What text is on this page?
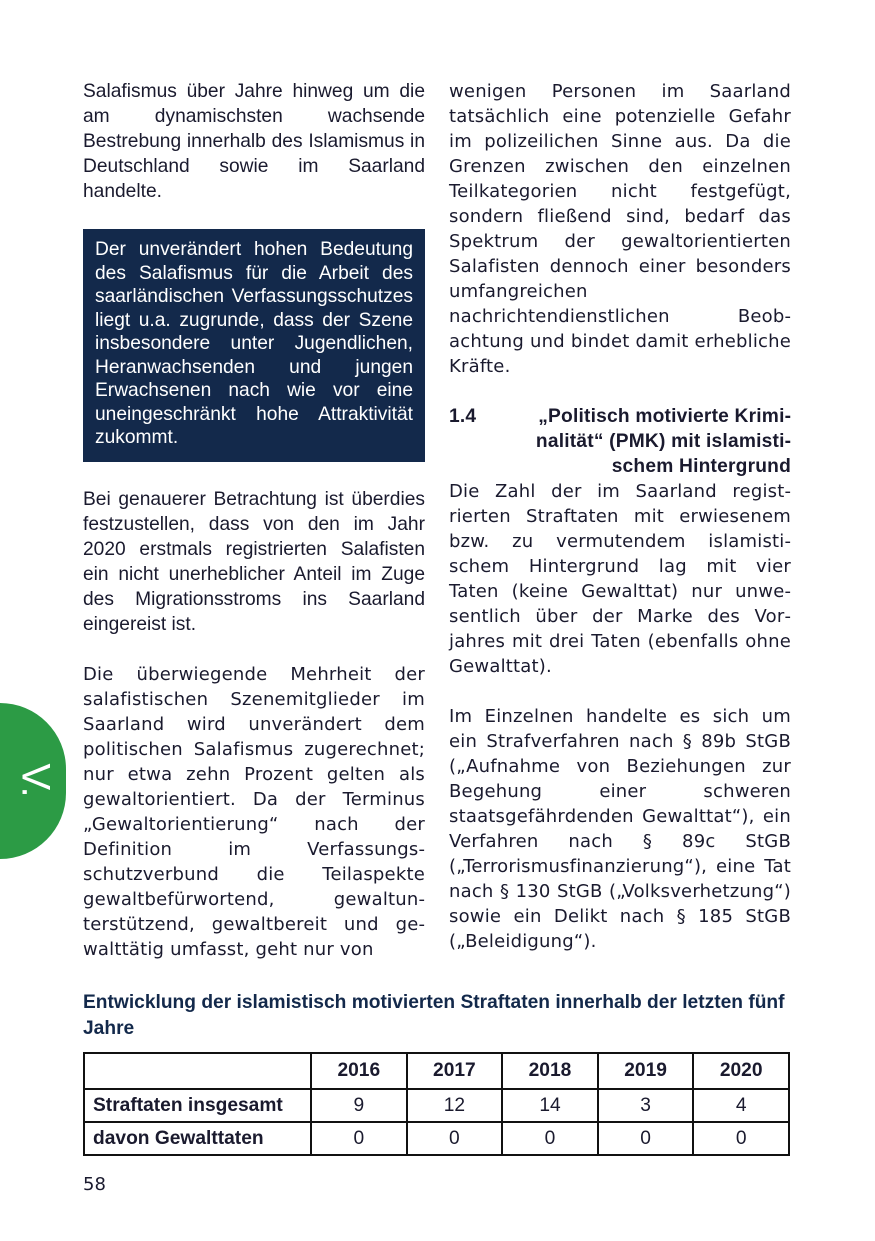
Salafismus über Jahre hinweg um die am dynamischsten wachsende Bestrebung innerhalb des Islamismus in Deutschland sowie im Saarland handelte.

Der unverändert hohen Bedeutung des Salafismus für die Arbeit des saarländischen Verfassungsschutzes liegt u.a. zugrunde, dass der Szene insbesondere unter Jugendlichen, Heranwachsenden und jungen Erwachsenen nach wie vor eine uneingeschränkt hohe Attraktivität zukommt.

Bei genauerer Betrachtung ist überdies festzustellen, dass von den im Jahr 2020 erstmals registrierten Salafisten ein nicht unerheblicher Anteil im Zuge des Migrationsstroms ins Saarland eingereist ist.

Die überwiegende Mehrheit der salafistischen Szenemitglieder im Saarland wird unverändert dem politischen Salafismus zugerechnet; nur etwa zehn Prozent gelten als gewaltorientiert. Da der Terminus „Gewaltorientierung“ nach der Definition im Verfassungsschutzverbund die Teilaspekte gewaltbefürwortend, gewaltunterstützend, gewaltbereit und gewalttätig umfasst, geht nur von

wenigen Personen im Saarland tatsächlich eine potenzielle Gefahr im polizeilichen Sinne aus. Da die Grenzen zwischen den einzelnen Teilkategorien nicht festgefügt, sondern fließend sind, bedarf das Spektrum der gewaltorientierten Salafisten dennoch einer besonders umfangreichen nachrichtendienstlichen Beobachtung und bindet damit erhebliche Kräfte.

1.4	„Politisch motivierte Kriminalität“ (PMK) mit islamistischem Hintergrund

Die Zahl der im Saarland registrierten Straftaten mit erwiesenem bzw. zu vermutendem islamistischem Hintergrund lag mit vier Taten (keine Gewalttat) nur unwesentlich über der Marke des Vorjahres mit drei Taten (ebenfalls ohne Gewalttat).

Im Einzelnen handelte es sich um ein Strafverfahren nach § 89b StGB („Aufnahme von Beziehungen zur Begehung einer schweren staatsgefährdenden Gewalttat“), ein Verfahren nach § 89c StGB („Terrorismusfinanzierung“), eine Tat nach § 130 StGB („Volksverhetzung“) sowie ein Delikt nach § 185 StGB („Beleidigung“).

V.
Entwicklung der islamistisch motivierten Straftaten innerhalb der letzten fünf Jahre
	2016	2017	2018	2019	2020
Straftaten insgesamt	9	12	14	3	4
davon Gewalttaten	0	0	0	0	0
58
